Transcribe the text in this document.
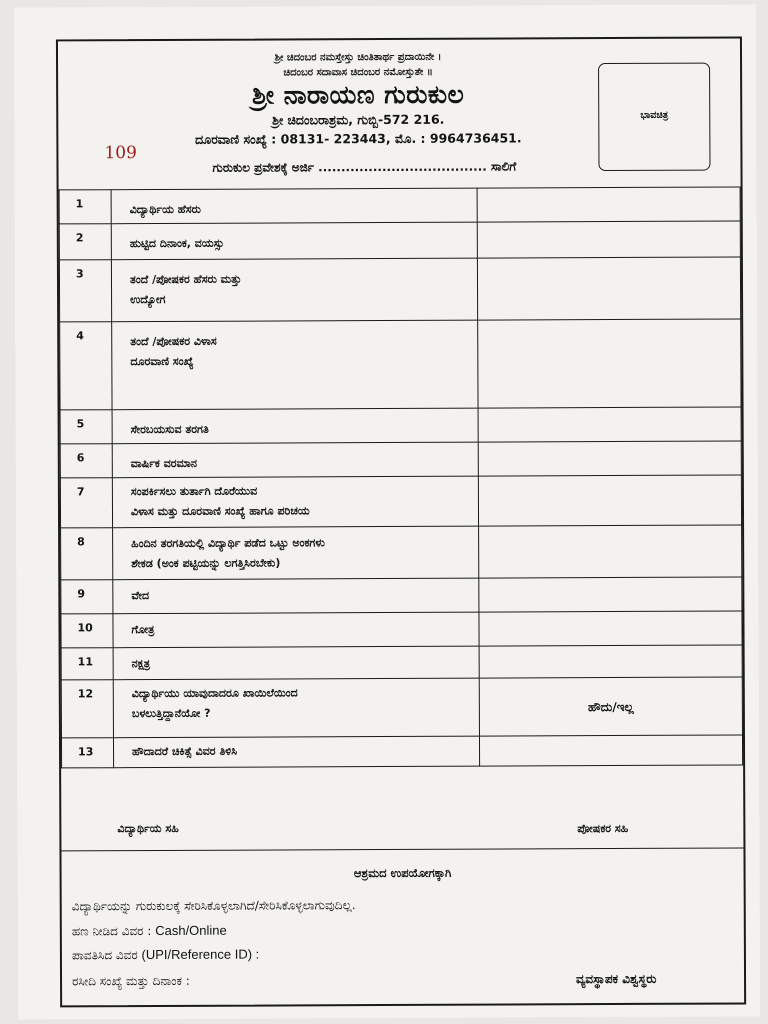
ಶ್ರೀ ಚಿದಂಬರ ನಮಸ್ತೇಸ್ತು ಚಿಂತಿತಾರ್ಥ ಪ್ರದಾಯಿನೇ ।
ಚಿದಂಬರ ಸದಾವಾಸ ಚಿದಂಬರ ನಮೋಸ್ತುತೇ ॥
ಶ್ರೀ ನಾರಾಯಣ ಗುರುಕುಲ
ಶ್ರೀ ಚಿದಂಬರಾಶ್ರಮ, ಗುಬ್ಬಿ-572 216.
ದೂರವಾಣಿ ಸಂಖ್ಯೆ : 08131- 223443, ಮೊ. : 9964736451.
109
ಗುರುಕುಲ ಪ್ರವೇಶಕ್ಕೆ ಅರ್ಜಿ ..................................... ಸಾಲಿಗೆ
ಭಾವಚಿತ್ರ
1	ವಿದ್ಯಾರ್ಥಿಯ ಹೆಸರು	

2	ಹುಟ್ಟಿದ ದಿನಾಂಕ, ವಯಸ್ಸು	

3	ತಂದೆ /ಪೋಷಕರ ಹೆಸರು ಮತ್ತು
ಉದ್ಯೋಗ	

4	ತಂದೆ /ಪೋಷಕರ ವಿಳಾಸ
ದೂರವಾಣಿ ಸಂಖ್ಯೆ	

5	ಸೇರಬಯಸುವ ತರಗತಿ	

6	ವಾರ್ಷಿಕ ವರಮಾನ	

7	ಸಂಪರ್ಕಿಸಲು ತುರ್ತಾಗಿ ದೊರೆಯುವ
ವಿಳಾಸ ಮತ್ತು ದೂರವಾಣಿ ಸಂಖ್ಯೆ ಹಾಗೂ ಪರಿಚಯ	

8	ಹಿಂದಿನ ತರಗತಿಯಲ್ಲಿ ವಿದ್ಯಾರ್ಥಿ ಪಡೆದ ಒಟ್ಟು ಅಂಕಗಳು
ಶೇಕಡ (ಅಂಕ ಪಟ್ಟಿಯನ್ನು ಲಗತ್ತಿಸಿರಬೇಕು)	

9	ವೇದ	

10	ಗೋತ್ರ	

11	ನಕ್ಷತ್ರ	

12	ವಿದ್ಯಾರ್ಥಿಯು ಯಾವುದಾದರೂ ಖಾಯಿಲೆಯಿಂದ
ಬಳಲುತ್ತಿದ್ದಾನೆಯೋ ?	ಹೌದು/ಇಲ್ಲ
13	ಹೌದಾದರೆ ಚಿಕಿತ್ಸೆ ವಿವರ ತಿಳಿಸಿ	

ವಿದ್ಯಾರ್ಥಿಯ ಸಹಿ	ಪೋಷಕರ ಸಹಿ
ಆಶ್ರಮದ ಉಪಯೋಗಕ್ಕಾಗಿ
ವಿದ್ಯಾರ್ಥಿಯನ್ನು ಗುರುಕುಲಕ್ಕೆ ಸೇರಿಸಿಕೊಳ್ಳಲಾಗಿದೆ/ಸೇರಿಸಿಕೊಳ್ಳಲಾಗುವುದಿಲ್ಲ.
ಹಣ ನೀಡಿದ ವಿವರ : Cash/Online
ಪಾವತಿಸಿದ ವಿವರ (UPI/Reference ID) :
ರಸೀದಿ ಸಂಖ್ಯೆ ಮತ್ತು ದಿನಾಂಕ :	ವ್ಯವಸ್ಥಾಪಕ ವಿಶ್ವಸ್ಥರು
